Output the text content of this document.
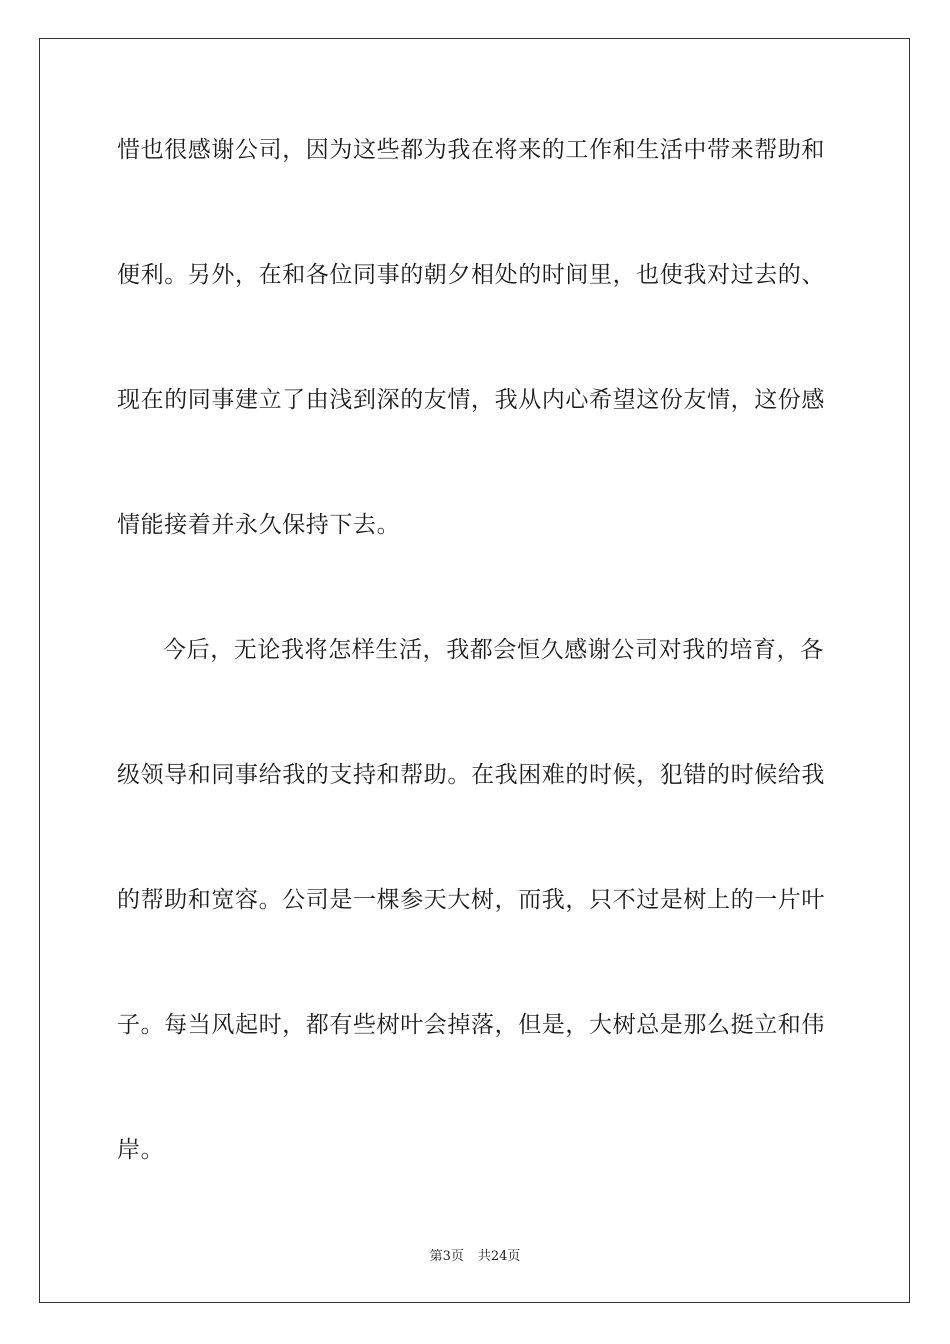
惜也很感谢公司，因为这些都为我在将来的工作和生活中带来帮助和
便利。另外，在和各位同事的朝夕相处的时间里，也使我对过去的、
现在的同事建立了由浅到深的友情，我从内心希望这份友情，这份感
情能接着并永久保持下去。
今后，无论我将怎样生活，我都会恒久感谢公司对我的培育，各
级领导和同事给我的支持和帮助。在我困难的时候，犯错的时候给我
的帮助和宽容。公司是一棵参天大树，而我，只不过是树上的一片叶
子。每当风起时，都有些树叶会掉落，但是，大树总是那么挺立和伟
岸。
第3页 共24页
